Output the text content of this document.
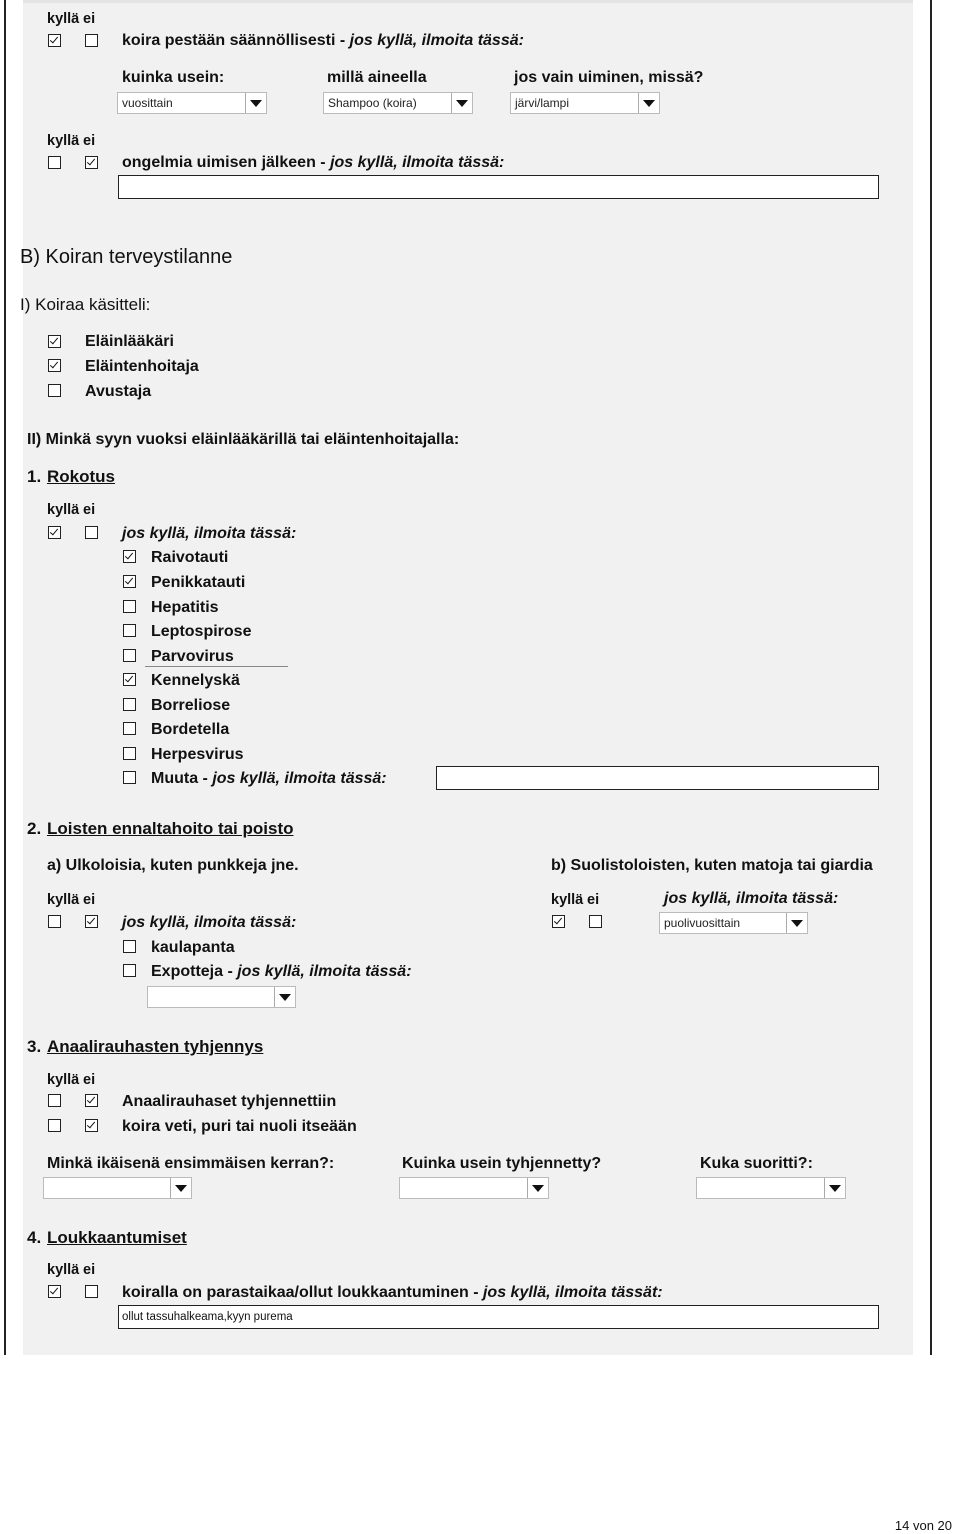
kyllä ei
koira pestään säännöllisesti - jos kyllä, ilmoita tässä:
kuinka usein:	millä aineella	jos vain uiminen, missä?
vuosittain	Shampoo (koira)	järvi/lampi
kyllä ei
ongelmia uimisen jälkeen - jos kyllä, ilmoita tässä:
B) Koiran terveystilanne
I) Koiraa käsitteli:
Eläinlääkäri
Eläintenhoitaja
Avustaja
II) Minkä syyn vuoksi eläinlääkärillä tai eläintenhoitajalla:
1. Rokotus
kyllä ei
jos kyllä, ilmoita tässä:
Raivotauti
Penikkatauti
Hepatitis
Leptospirose
Parvovirus
Kennelyskä
Borreliose
Bordetella
Herpesvirus
Muuta - jos kyllä, ilmoita tässä:
2. Loisten ennaltahoito tai poisto
a) Ulkoloisia, kuten punkkeja jne.	b) Suolistoloisten, kuten matoja tai giardia
kyllä ei
jos kyllä, ilmoita tässä:
kaulapanta
Expotteja - jos kyllä, ilmoita tässä:
kyllä ei	jos kyllä, ilmoita tässä:
puolivuosittain
3. Anaalirauhasten tyhjennys
kyllä ei
Anaalirauhaset tyhjennettiin
koira veti, puri tai nuoli itseään
Minkä ikäisenä ensimmäisen kerran?:	Kuinka usein tyhjennetty?	Kuka suoritti?:
4. Loukkaantumiset
kyllä ei
koiralla on parastaikaa/ollut loukkaantuminen - jos kyllä, ilmoita tässät:
ollut tassuhalkeama,kyyn purema
14 von 20
